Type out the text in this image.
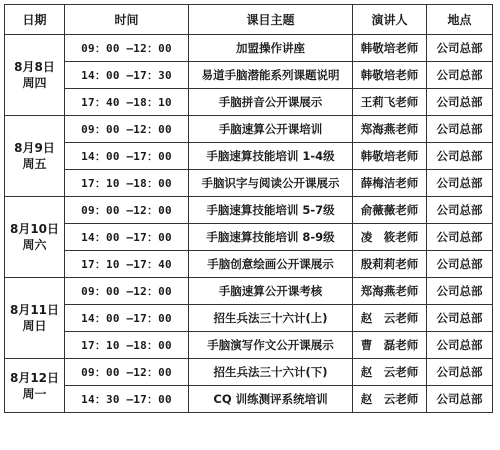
日期	时间	课目主题	演讲人	地点

8月8日
周四	09：00 —12：00	加盟操作讲座	韩敬培老师	公司总部
	14：00 —17：30	易道手脑潜能系列课题说明	韩敬培老师	公司总部
	17：40 —18：10	手脑拼音公开课展示	王莉飞老师	公司总部

8月9日
周五	09：00 —12：00	手脑速算公开课培训	郑海燕老师	公司总部
	14：00 —17：00	手脑速算技能培训 1-4级	韩敬培老师	公司总部
	17：10 —18：00	手脑识字与阅读公开课展示	薛梅洁老师	公司总部

8月10日
周六	09：00 —12：00	手脑速算技能培训 5-7级	俞薇薇老师	公司总部
	14：00 —17：00	手脑速算技能培训 8-9级	凌　筱老师	公司总部
	17：10 —17：40	手脑创意绘画公开课展示	殷莉莉老师	公司总部

8月11日
周日	09：00 —12：00	手脑速算公开课考核	郑海燕老师	公司总部
	14：00 —17：00	招生兵法三十六计(上)	赵　云老师	公司总部
	17：10 —18：00	手脑演写作文公开课展示	曹　磊老师	公司总部

8月12日
周一	09：00 —12：00	招生兵法三十六计(下)	赵　云老师	公司总部
	14：30 —17：00	CQ 训练测评系统培训	赵　云老师	公司总部
